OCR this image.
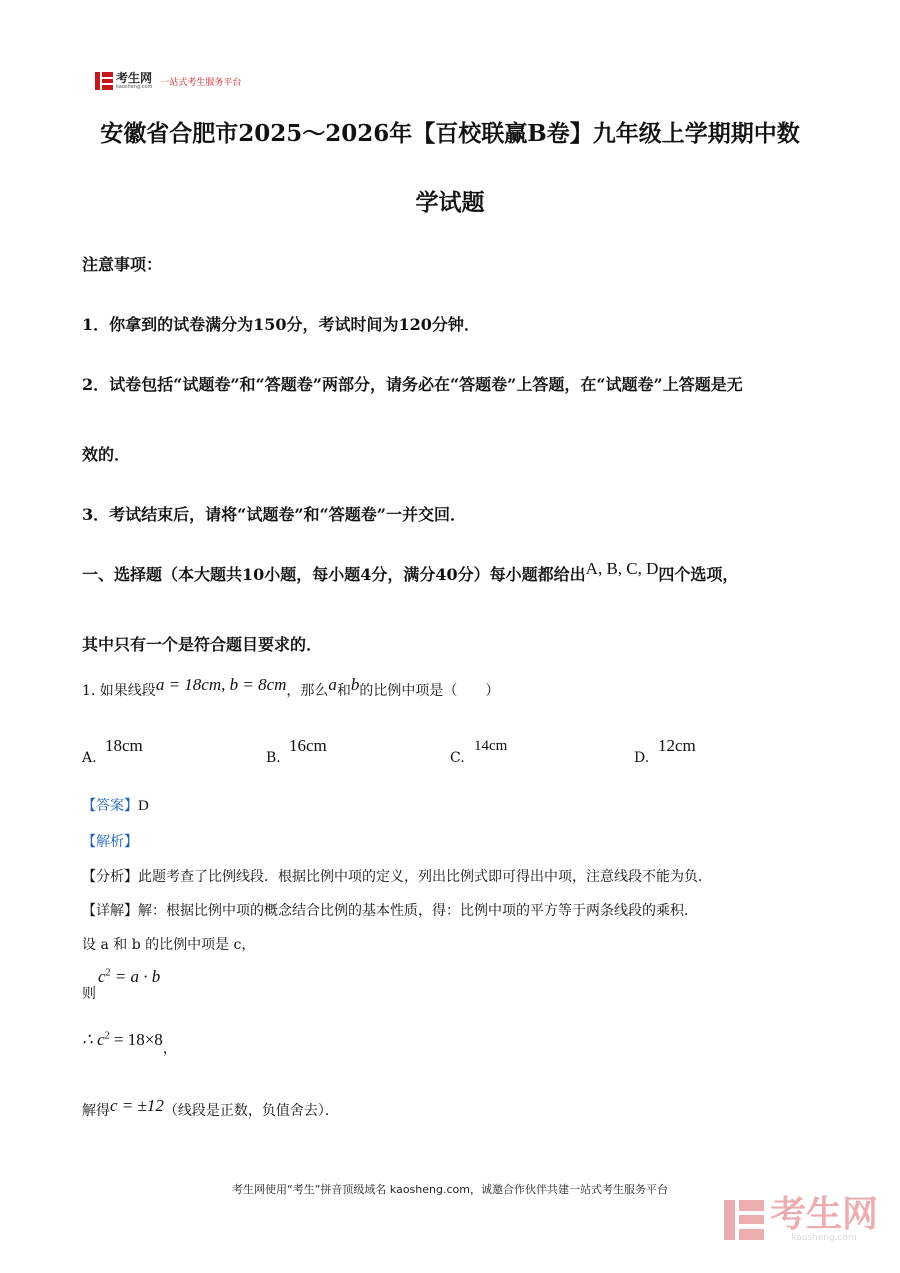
考生网
kaosheng.com 一站式考生服务平台
安徽省合肥市2025～2026年【百校联赢B卷】九年级上学期期中数
学试题
注意事项：
1．你拿到的试卷满分为150分，考试时间为120分钟．
2．试卷包括“试题卷”和“答题卷”两部分，请务必在“答题卷”上答题，在“试题卷”上答题是无
效的．
3．考试结束后，请将“试题卷”和“答题卷”一并交回．
一、选择题（本大题共10小题，每小题4分，满分40分）每小题都给出A, B, C, D四个选项，
其中只有一个是符合题目要求的．
1. 如果线段a = 18cm, b = 8cm，那么a和b的比例中项是（　　）
A.
18cm
B.
16cm
C.
14cm
D.
12cm
【答案】D
【解析】
【分析】此题考查了比例线段．根据比例中项的定义，列出比例式即可得出中项，注意线段不能为负．
【详解】解：根据比例中项的概念结合比例的基本性质，得：比例中项的平方等于两条线段的乘积．
设 a 和 b 的比例中项是 c，
则
$c^2 = a \cdot b$
∴ $c^2 = 18\times 8_,$
解得c = ±12（线段是正数，负值舍去）．
考生网使用“考生”拼音顶级域名 kaosheng.com，诚邀合作伙伴共建一站式考生服务平台
考生网
kaosheng.com
